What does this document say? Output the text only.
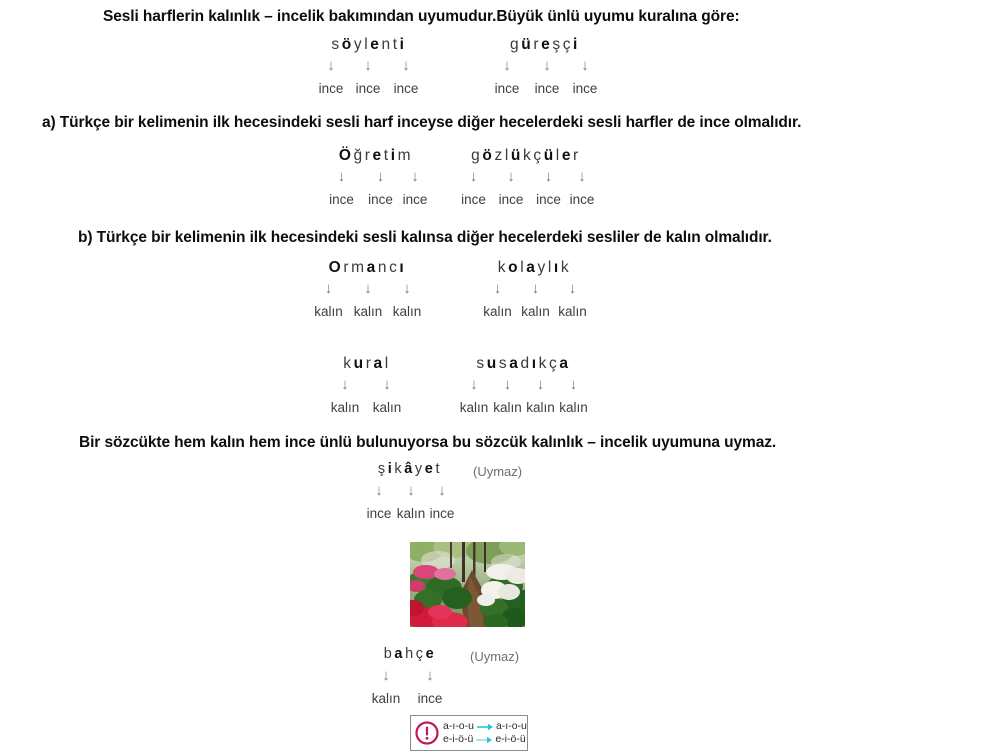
Sesli harflerin kalınlık – incelik bakımından uyumudur.Büyük ünlü uyumu kuralına göre:
a) Türkçe bir kelimenin ilk hecesindeki sesli harf inceyse diğer hecelerdeki sesli harfler de ince olmalıdır.
b) Türkçe bir kelimenin ilk hecesindeki sesli kalınsa diğer hecelerdeki sesliler de kalın olmalıdır.
Bir sözcükte hem kalın hem ince ünlü bulunuyorsa bu sözcük kalınlık – incelik uyumuna uymaz.
söylenti
↓	↓	↓
ince ince ince
güreşçi
↓	↓	↓
ince	ince ince
Öğretim
↓	↓	↓
ince	ince ince
gözlükçüler
↓	↓	↓	↓
ince ince ince ince
Ormancı
↓	↓	↓
kalın kalın kalın
kolaylık
↓	↓	↓
kalın kalın kalın
kural
↓	↓
kalın kalın
susadıkça
↓	↓	↓	↓
kalın kalın kalın kalın
şikâyet
↓	↓	↓
ince kalın ince
(Uymaz)
bahçe
↓	↓
kalın	ince
(Uymaz)
a-ı-o-u a-ı-o-u
e-i-ö-ü e-i-ö-ü
